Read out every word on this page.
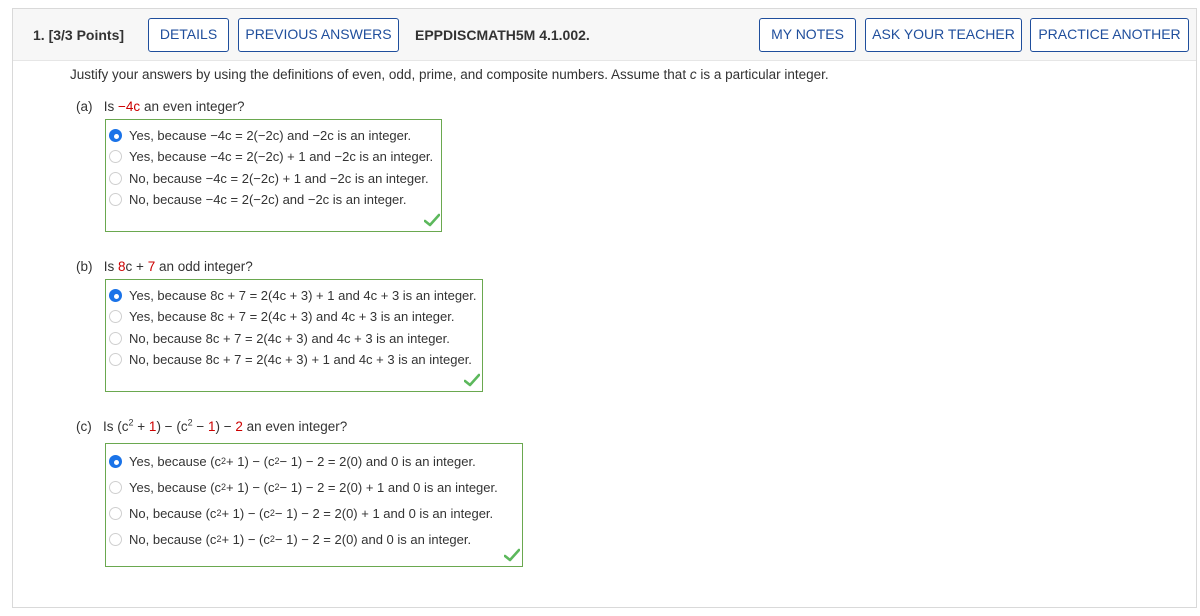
1. [3/3 Points]	DETAILS	PREVIOUS ANSWERS	EPPDISCMATH5M 4.1.002.	MY NOTES	ASK YOUR TEACHER	PRACTICE ANOTHER
Justify your answers by using the definitions of even, odd, prime, and composite numbers. Assume that c is a particular integer.
(a) Is −4c an even integer?
Yes, because −4c = 2(−2c) and −2c is an integer.
Yes, because −4c = 2(−2c) + 1 and −2c is an integer.
No, because −4c = 2(−2c) + 1 and −2c is an integer.
No, because −4c = 2(−2c) and −2c is an integer.
(b) Is 8c + 7 an odd integer?
Yes, because 8c + 7 = 2(4c + 3) + 1 and 4c + 3 is an integer.
Yes, because 8c + 7 = 2(4c + 3) and 4c + 3 is an integer.
No, because 8c + 7 = 2(4c + 3) and 4c + 3 is an integer.
No, because 8c + 7 = 2(4c + 3) + 1 and 4c + 3 is an integer.
(c) Is $(c^2 + 1) - (c^2 - 1) - 2$ an even integer?
Yes, because (c 2 + 1) − (c 2 − 1) − 2 = 2(0) and 0 is an integer.
Yes, because (c 2 + 1) − (c 2 − 1) − 2 = 2(0) + 1 and 0 is an integer.
No, because (c 2 + 1) − (c 2 − 1) − 2 = 2(0) + 1 and 0 is an integer.
No, because (c 2 + 1) − (c 2 − 1) − 2 = 2(0) and 0 is an integer.
